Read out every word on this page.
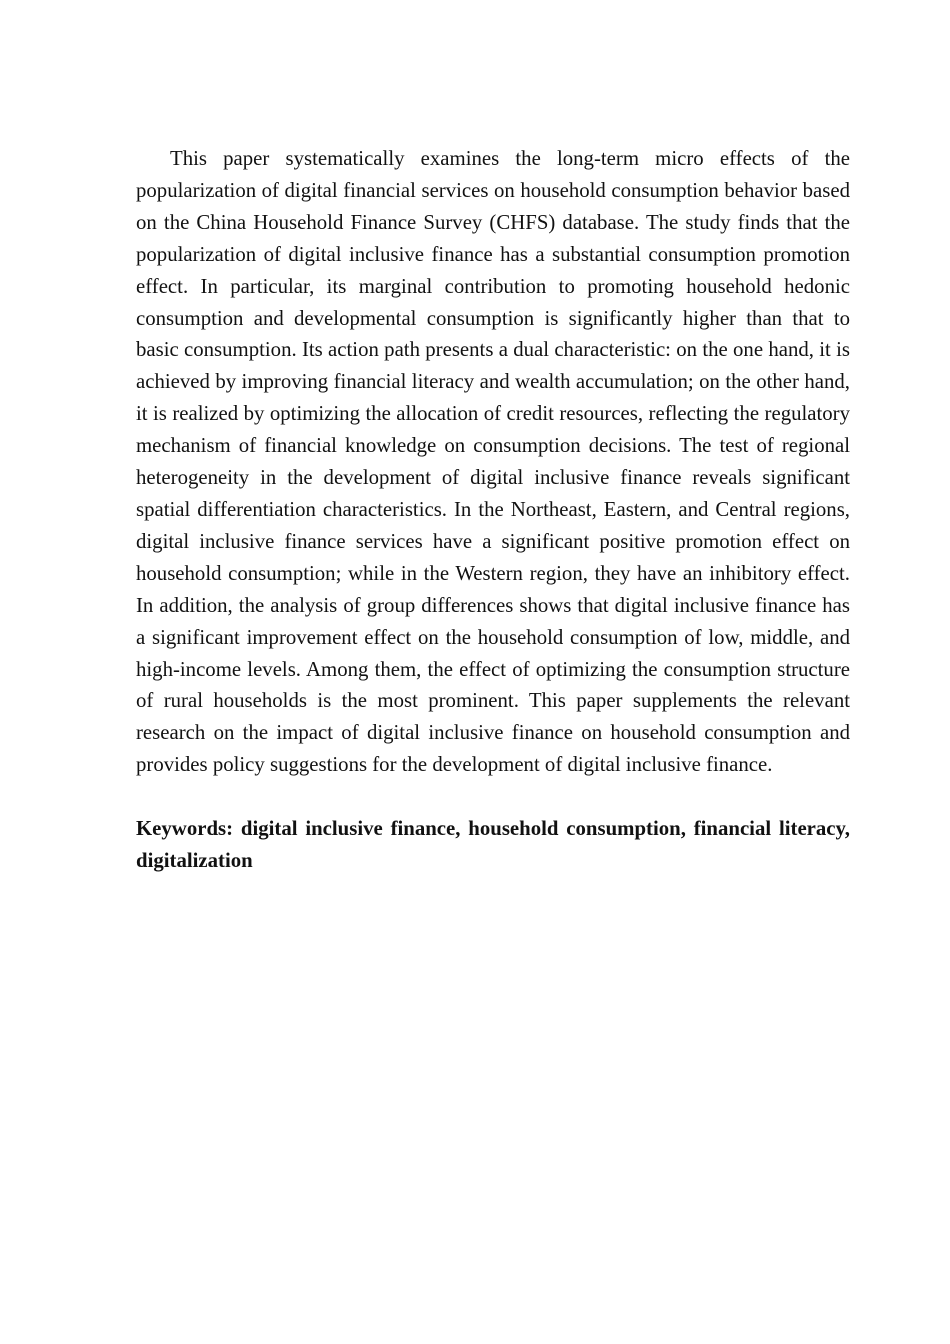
This paper systematically examines the long-term micro effects of the popularization of digital financial services on household consumption behavior based on the China Household Finance Survey (CHFS) database. The study finds that the popularization of digital inclusive finance has a substantial consumption promotion effect. In particular, its marginal contribution to promoting household hedonic consumption and developmental consumption is significantly higher than that to basic consumption. Its action path presents a dual characteristic: on the one hand, it is achieved by improving financial literacy and wealth accumulation; on the other hand, it is realized by optimizing the allocation of credit resources, reflecting the regulatory mechanism of financial knowledge on consumption decisions. The test of regional heterogeneity in the development of digital inclusive finance reveals significant spatial differentiation characteristics. In the Northeast, Eastern, and Central regions, digital inclusive finance services have a significant positive promotion effect on household consumption; while in the Western region, they have an inhibitory effect. In addition, the analysis of group differences shows that digital inclusive finance has a significant improvement effect on the household consumption of low, middle, and high-income levels. Among them, the effect of optimizing the consumption structure of rural households is the most prominent. This paper supplements the relevant research on the impact of digital inclusive finance on household consumption and provides policy suggestions for the development of digital inclusive finance.

Keywords: digital inclusive finance, household consumption, financial literacy, digitalization
